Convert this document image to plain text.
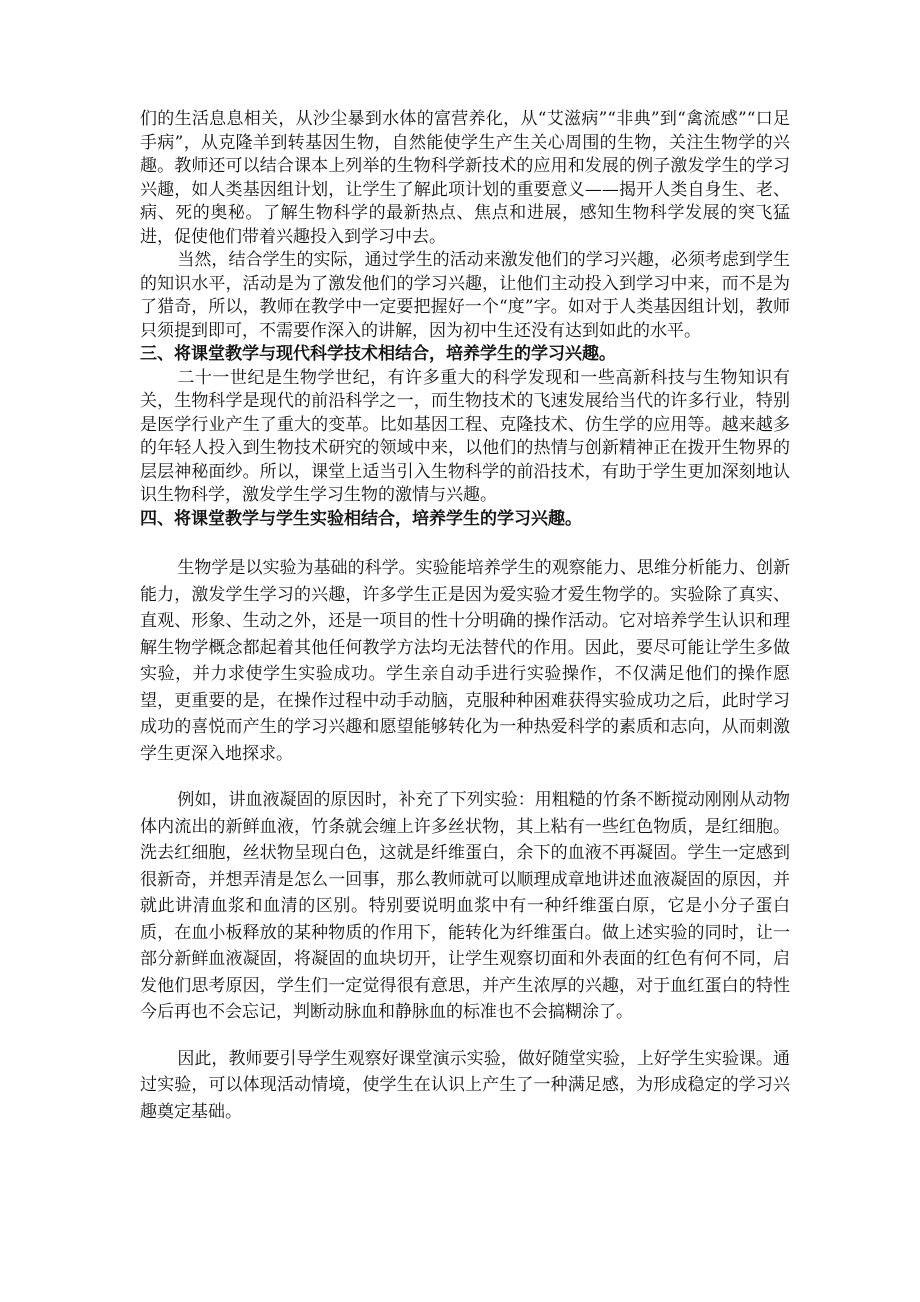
们的生活息息相关，从沙尘暴到水体的富营养化，从“艾滋病”“非典”到“禽流感”“口足手病”，从克隆羊到转基因生物，自然能使学生产生关心周围的生物，关注生物学的兴趣。教师还可以结合课本上列举的生物科学新技术的应用和发展的例子激发学生的学习兴趣，如人类基因组计划，让学生了解此项计划的重要意义——揭开人类自身生、老、病、死的奥秘。了解生物科学的最新热点、焦点和进展，感知生物科学发展的突飞猛进，促使他们带着兴趣投入到学习中去。

当然，结合学生的实际，通过学生的活动来激发他们的学习兴趣，必须考虑到学生的知识水平，活动是为了激发他们的学习兴趣，让他们主动投入到学习中来，而不是为了猎奇，所以，教师在教学中一定要把握好一个“度”字。如对于人类基因组计划，教师只须提到即可，不需要作深入的讲解，因为初中生还没有达到如此的水平。

三、将课堂教学与现代科学技术相结合，培养学生的学习兴趣。

二十一世纪是生物学世纪，有许多重大的科学发现和一些高新科技与生物知识有关，生物科学是现代的前沿科学之一，而生物技术的飞速发展给当代的许多行业，特别是医学行业产生了重大的变革。比如基因工程、克隆技术、仿生学的应用等。越来越多的年轻人投入到生物技术研究的领域中来，以他们的热情与创新精神正在拨开生物界的层层神秘面纱。所以，课堂上适当引入生物科学的前沿技术，有助于学生更加深刻地认识生物科学，激发学生学习生物的激情与兴趣。

四、将课堂教学与学生实验相结合，培养学生的学习兴趣。

生物学是以实验为基础的科学。实验能培养学生的观察能力、思维分析能力、创新能力，激发学生学习的兴趣，许多学生正是因为爱实验才爱生物学的。实验除了真实、直观、形象、生动之外，还是一项目的性十分明确的操作活动。它对培养学生认识和理解生物学概念都起着其他任何教学方法均无法替代的作用。因此，要尽可能让学生多做实验，并力求使学生实验成功。学生亲自动手进行实验操作，不仅满足他们的操作愿望，更重要的是，在操作过程中动手动脑，克服种种困难获得实验成功之后，此时学习成功的喜悦而产生的学习兴趣和愿望能够转化为一种热爱科学的素质和志向，从而刺激学生更深入地探求。

例如，讲血液凝固的原因时，补充了下列实验：用粗糙的竹条不断搅动刚刚从动物体内流出的新鲜血液，竹条就会缠上许多丝状物，其上粘有一些红色物质，是红细胞。洗去红细胞，丝状物呈现白色，这就是纤维蛋白，余下的血液不再凝固。学生一定感到很新奇，并想弄清是怎么一回事，那么教师就可以顺理成章地讲述血液凝固的原因，并就此讲清血浆和血清的区别。特别要说明血浆中有一种纤维蛋白原，它是小分子蛋白质，在血小板释放的某种物质的作用下，能转化为纤维蛋白。做上述实验的同时，让一部分新鲜血液凝固，将凝固的血块切开，让学生观察切面和外表面的红色有何不同，启发他们思考原因，学生们一定觉得很有意思，并产生浓厚的兴趣，对于血红蛋白的特性今后再也不会忘记，判断动脉血和静脉血的标准也不会搞糊涂了。

因此，教师要引导学生观察好课堂演示实验，做好随堂实验，上好学生实验课。通过实验，可以体现活动情境，使学生在认识上产生了一种满足感，为形成稳定的学习兴趣奠定基础。
